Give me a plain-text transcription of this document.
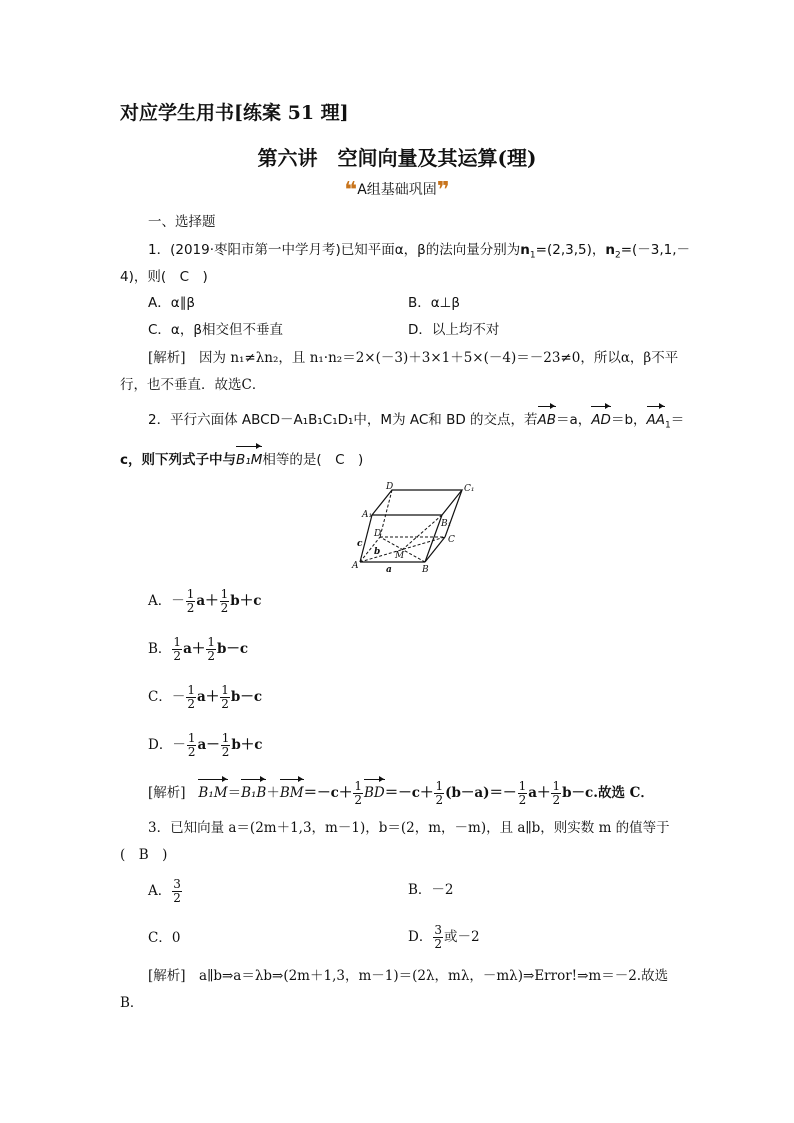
对应学生用书[练案 51 理]
第六讲　空间向量及其运算(理)
❝A组基础巩固❞
一、选择题
1．(2019·枣阳市第一中学月考)已知平面α，β的法向量分别为$n_1=(2,3,5)$，$n_2=(-3,1,-$
4)，则(　C　)
A．α∥β	B．α⊥β
C．α，β相交但不垂直	D．以上均不对
[解析]　因为 n₁≠λn₂，且 n₁·n₂＝2×(－3)＋3×1＋5×(－4)＝－23≠0，所以α，β不平
行，也不垂直．故选C．
2．平行六面体 ABCD－A₁B₁C₁D₁中，M为 AC和 BD 的交点，若AB＝a，AD＝b，$AA_1=$
c，则下列式子中与B₁M相等的是(　C　)
D	C₁
A₁
B₁
D
C
c
b M
A	a	B
A．－ $\frac{1}{2} a+ \frac{1}{2} b+c$
B． $\frac{1}{2} a+ \frac{1}{2} b-c$
C．－ $\frac{1}{2} a+ \frac{1}{2} b-c$
D．－ $\frac{1}{2} a- \frac{1}{2} b+c$
[解析] $B_1M=B_1B+BM=-c+ \frac{1}{2} BD=-c+ \frac{1}{2} (b-a)=- \frac{1}{2} a+ \frac{1}{2} b-c$.故选 C．
3．已知向量 a＝(2m＋1,3，m－1)，b＝(2，m，－m)，且 a∥b，则实数 m 的值等于
(　B　)
A． $\frac{3}{2}$	B．－2
C．0	D． $\frac{3}{2}$ 或－2
[解析]　a∥b⇒a＝λb⇒(2m＋1,3，m－1)＝(2λ，mλ，－mλ)⇒Error!⇒m＝－2.故选
B．
